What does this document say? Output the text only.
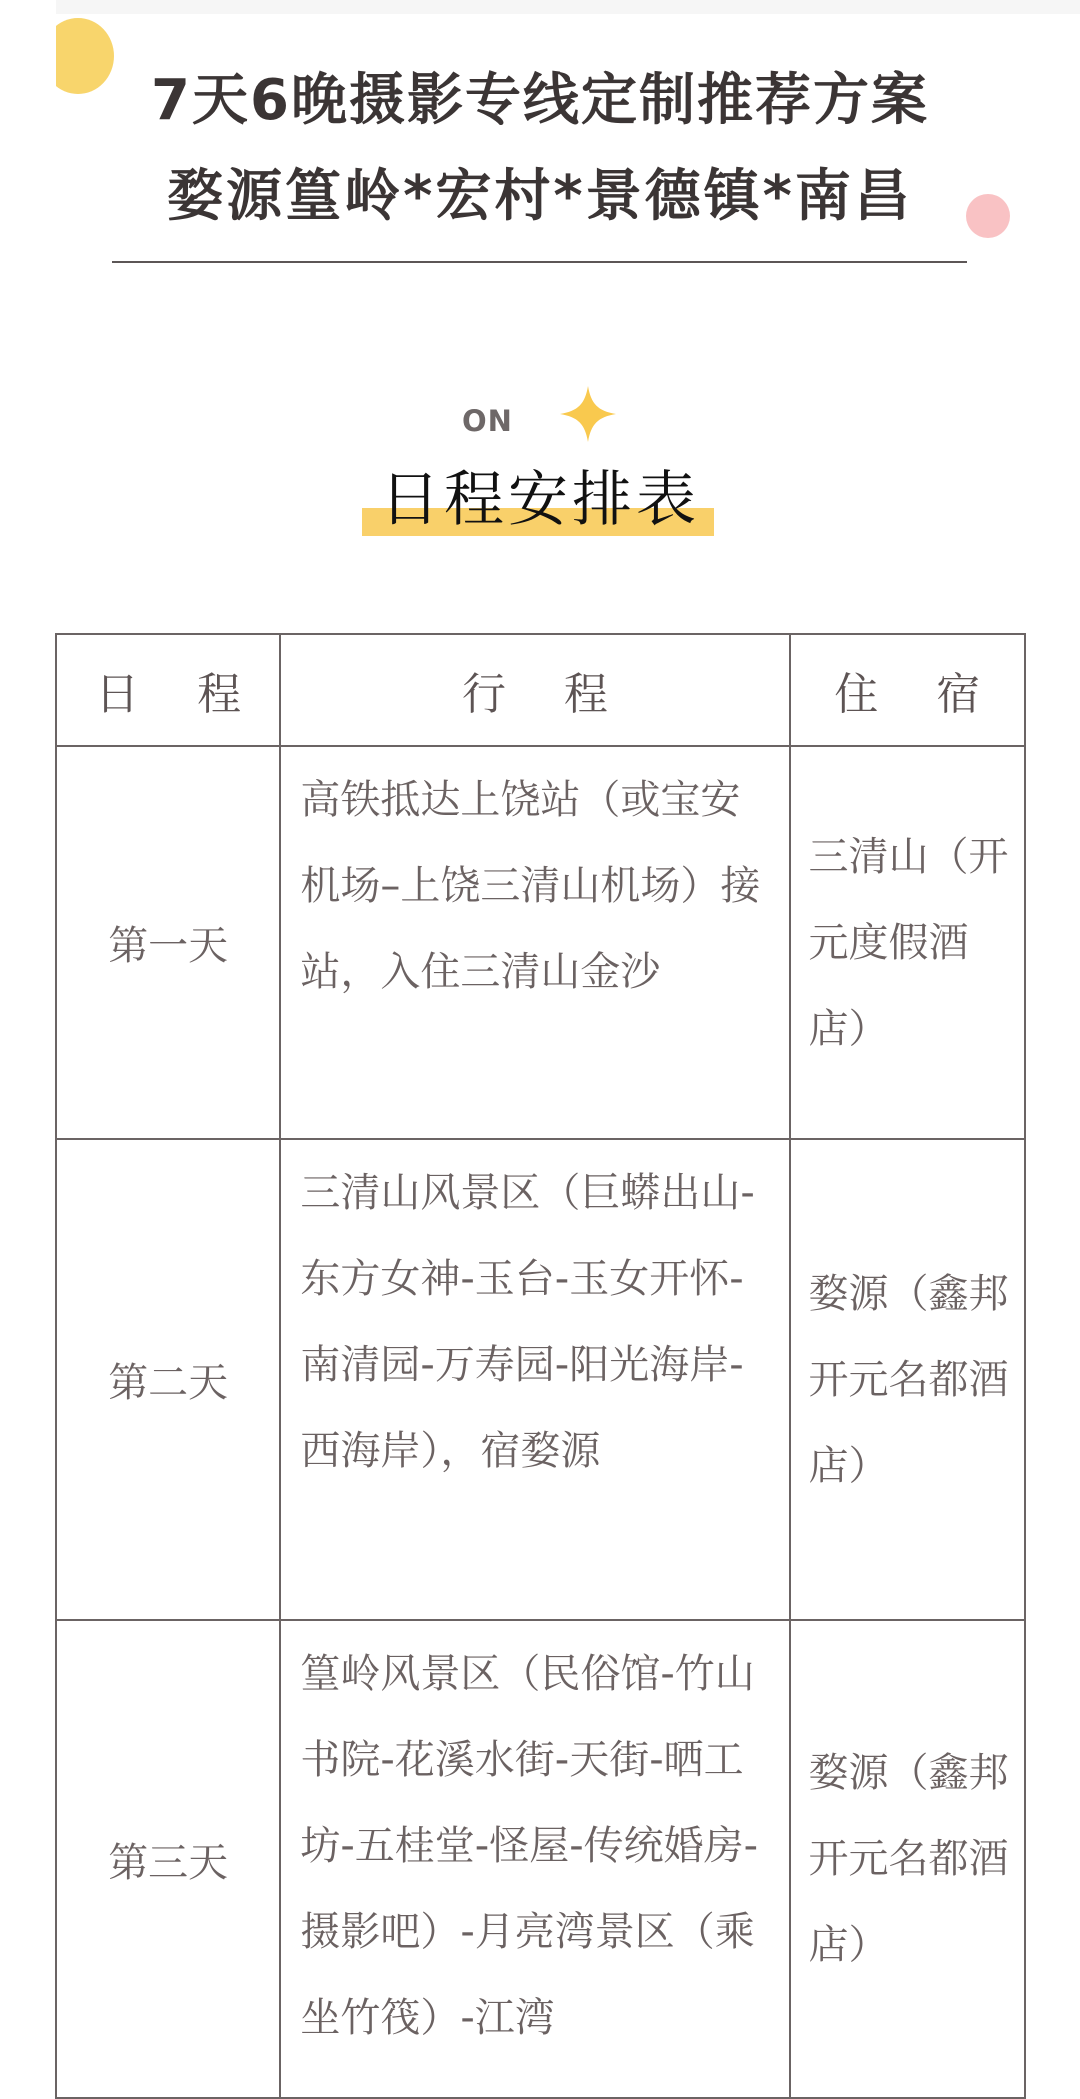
7天6晚摄影专线定制推荐方案
婺源篁岭*宏村*景德镇*南昌
ON
日程安排表
日 程	行 程	住 宿
第一天	高铁抵达上饶站（或宝安机场–上饶三清山机场）接站，入住三清山金沙	三清山（开元度假酒店）
第二天	三清山风景区（巨蟒出山-东方女神-玉台-玉女开怀-南清园-万寿园-阳光海岸-西海岸），宿婺源	婺源（鑫邦开元名都酒店）
第三天	篁岭风景区（民俗馆-竹山书院-花溪水街-天街-晒工坊-五桂堂-怪屋-传统婚房-摄影吧）-月亮湾景区（乘坐竹筏）-江湾	婺源（鑫邦开元名都酒店）
